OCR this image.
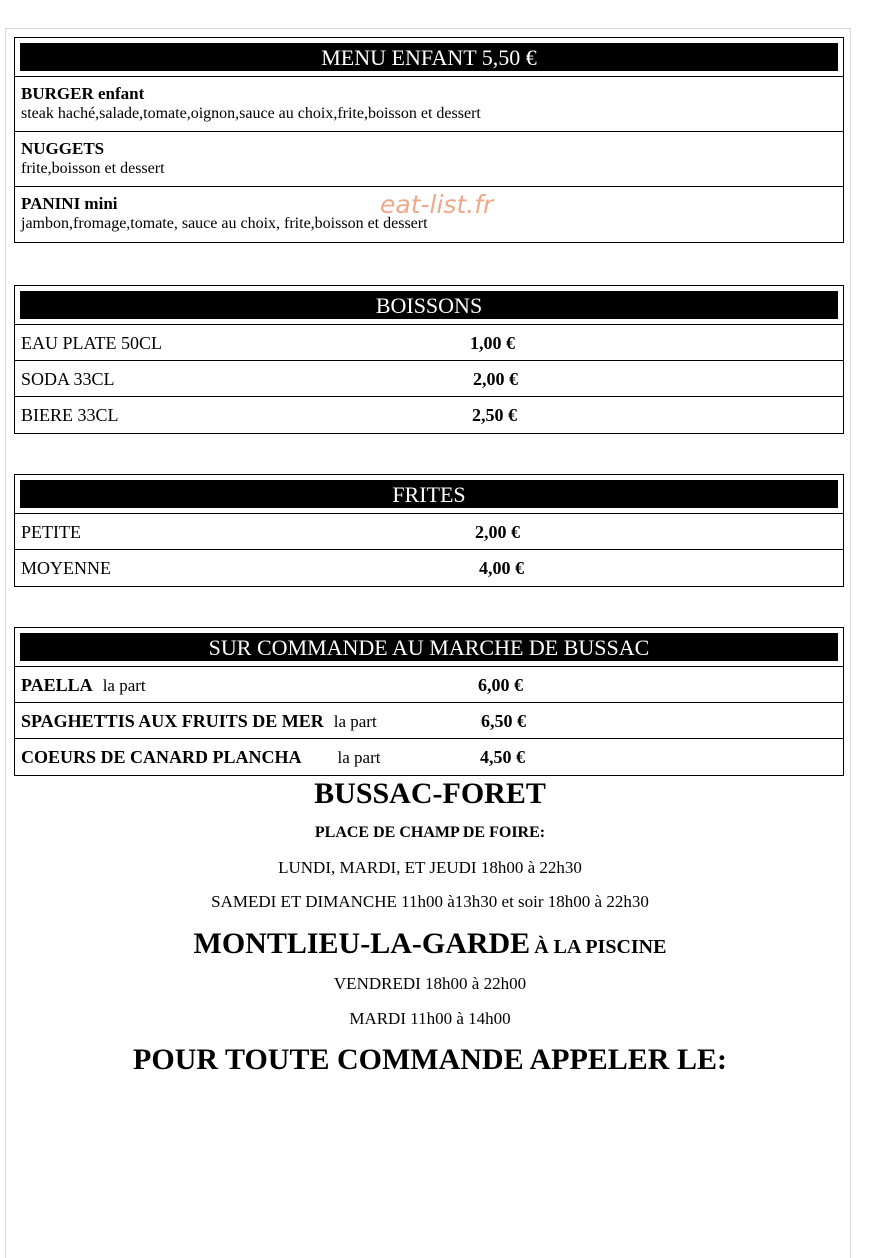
MENU ENFANT 5,50 €
BURGER enfant
steak haché,salade,tomate,oignon,sauce au choix,frite,boisson et dessert
NUGGETS
frite,boisson et dessert
PANINI mini
jambon,fromage,tomate, sauce au choix, frite,boisson et dessert
eat-list.fr
BOISSONS
EAU PLATE 50CL	1,00 €
SODA 33CL	2,00 €
BIERE 33CL	2,50 €
FRITES
PETITE	2,00 €
MOYENNE	4,00 €
SUR COMMANDE AU MARCHE DE BUSSAC
PAELLA la part	6,00 €
SPAGHETTIS AUX FRUITS DE MER la part	6,50 €
COEURS DE CANARD PLANCHA la part	4,50 €
BUSSAC-FORET
PLACE DE CHAMP DE FOIRE:
LUNDI, MARDI, ET JEUDI 18h00 à 22h30
SAMEDI ET DIMANCHE 11h00 à13h30 et soir 18h00 à 22h30
MONTLIEU-LA-GARDE À LA PISCINE
VENDREDI 18h00 à 22h00
MARDI 11h00 à 14h00
POUR TOUTE COMMANDE APPELER LE:
